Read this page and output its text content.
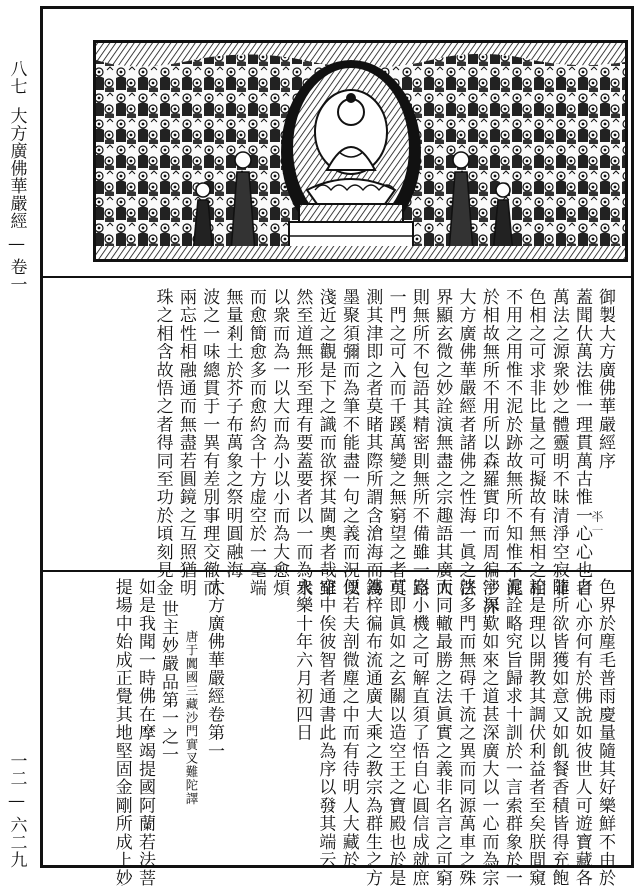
八七
大方廣佛華嚴經
—
卷一
一二
—
六二九
御製大方廣佛華嚴經序
𠦂一
蓋聞㐲萬法惟一理貫萬古惟一心心也者
萬法之源衆妙之體靈明不昧清淨空寂非
色相之可求非比量之可擬故有無相之相
不用之用惟不泥於跡故無所不知惟不泥
於相故無所不用所以森羅實印而周徧沙界
大方廣佛華嚴經者諸佛之性海一眞之法
界顯玄微之妙詮演無盡之宗趣語其廣大
則無所不包語其精密則無所不備雖一路
一門之可入而千蹊萬變之無窮望之者莫
測其津即之者莫睹其際所謂含滄海而為
墨聚須彌而為筆不能盡一句之義而況以
淺近之觀是下之識而欲探其閫奧者哉雖
然至道無形至理有要蓋要者以一而為衆
以衆而為一以大而為小以小而為大愈煩
而愈簡愈多而愈約含十方虚空於一毫端
無量剎土於芥子布萬象之祭明圓融海
波之一味總貫于一異有差別事理交徹而
兩忘性相融通而無盡若圓鏡之互照猶明
珠之相含故悟之者得同至功於頃刻見金
色界於塵毛普雨慶量隨其好樂鮮不由於
自心亦何有於佛說如彼世人可遊寶藏各
隨所欲皆獲如意又如飢餐香積皆得充飽
詮是理以開教其調伏利益者至矣朕間窺
眞詮略究旨歸求十訓於一言索群象於一
字深歎如來之道甚深廣大以一心而為宗
啓多門而無碍千流之異而同源萬車之殊
而同轍最勝之法眞實之義非名言之可窮
豈小機之可解直須了悟自心圓信成就庶
可即眞如之玄關以造空王之寶殿也於是
鏤梓徧布流通廣大乘之教宗為群生之方
便若夫剖微塵之中而有待明人大藏於
空中俟彼智者通書此為序以發其端云
永樂十年六月初四日
大方廣佛華嚴經卷第一
唐于闐國三藏沙門實叉難陀譯
世主妙嚴品第一之一
如是我聞一時佛在摩竭提國阿蘭若法菩
提場中始成正覺其地堅固金剛所成上妙
